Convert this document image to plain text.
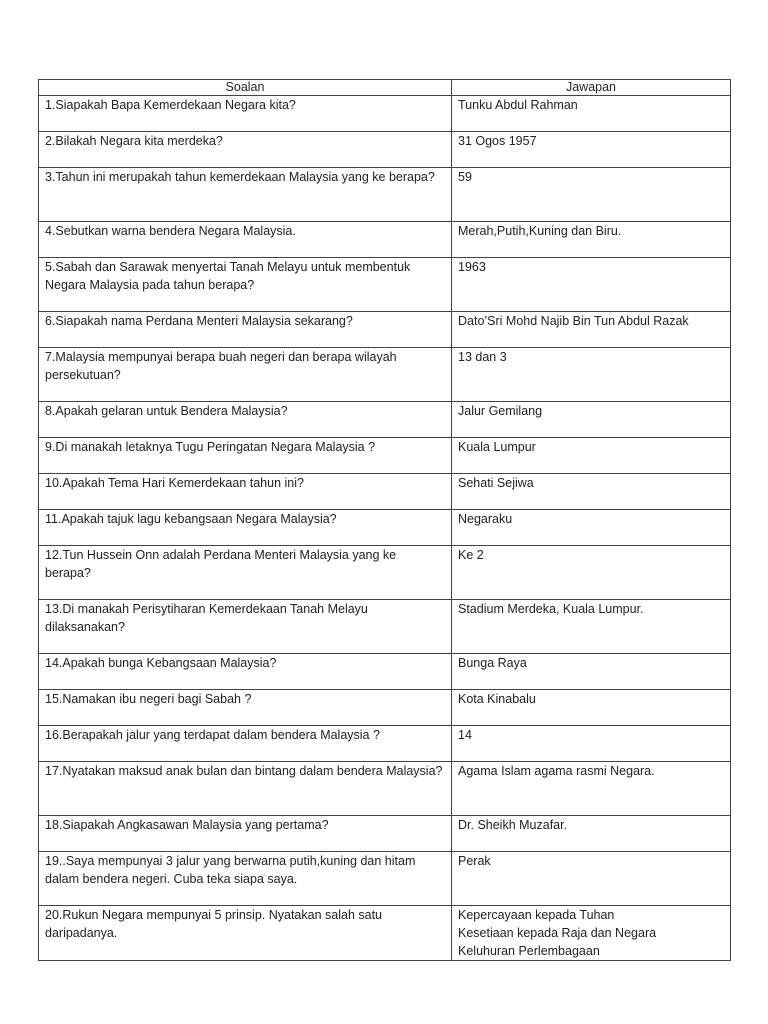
Soalan	Jawapan
1.Siapakah Bapa Kemerdekaan Negara kita?	Tunku Abdul Rahman

2.Bilakah Negara kita merdeka?	31 Ogos 1957

3.Tahun ini merupakah tahun kemerdekaan Malaysia yang ke berapa?	59

4.Sebutkan warna bendera Negara Malaysia.	Merah,Putih,Kuning dan Biru.

5.Sabah dan Sarawak menyertai Tanah Melayu untuk membentuk Negara Malaysia pada tahun berapa?	1963

6.Siapakah nama Perdana Menteri Malaysia sekarang?	Dato’Sri Mohd Najib Bin Tun Abdul Razak

7.Malaysia mempunyai berapa buah negeri dan berapa wilayah persekutuan?	13 dan 3

8.Apakah gelaran untuk Bendera Malaysia?	Jalur Gemilang

9.Di manakah letaknya Tugu Peringatan Negara Malaysia ?	Kuala Lumpur

10.Apakah Tema Hari Kemerdekaan tahun ini?	Sehati Sejiwa

11.Apakah tajuk lagu kebangsaan Negara Malaysia?	Negaraku

12.Tun Hussein Onn adalah Perdana Menteri Malaysia yang ke berapa?	Ke 2

13.Di manakah Perisytiharan Kemerdekaan Tanah Melayu dilaksanakan?	Stadium Merdeka, Kuala Lumpur.

14.Apakah bunga Kebangsaan Malaysia?	Bunga Raya

15.Namakan ibu negeri bagi Sabah ?	Kota Kinabalu

16.Berapakah jalur yang terdapat dalam bendera Malaysia ?	14

17.Nyatakan maksud anak bulan dan bintang dalam bendera Malaysia?	Agama Islam agama rasmi Negara.

18.Siapakah Angkasawan Malaysia yang pertama?	Dr. Sheikh Muzafar.

19..Saya mempunyai 3 jalur yang berwarna putih,kuning dan hitam dalam bendera negeri. Cuba teka siapa saya.	Perak

20.Rukun Negara mempunyai 5 prinsip. Nyatakan salah satu daripadanya.	Kepercayaan kepada Tuhan
Kesetiaan kepada Raja dan Negara
Keluhuran Perlembagaan
